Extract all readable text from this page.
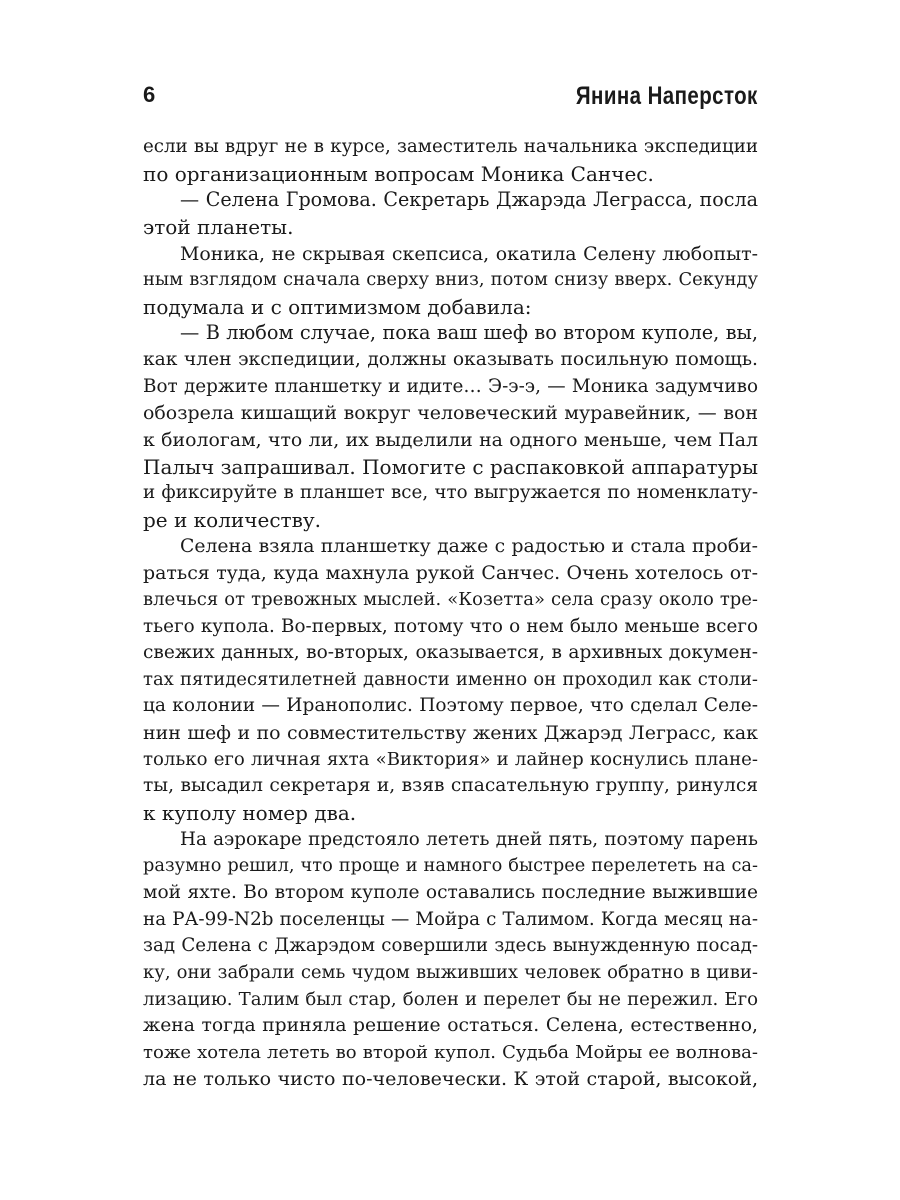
6	Янина Наперсток
если вы вдруг не в курсе, заместитель начальника экспедиции
по организационным вопросам Моника Санчес.
— Селена Громова. Секретарь Джарэда Леграсса, посла
этой планеты.
Моника, не скрывая скепсиса, окатила Селену любопыт-
ным взглядом сначала сверху вниз, потом снизу вверх. Секунду
подумала и с оптимизмом добавила:
— В любом случае, пока ваш шеф во втором куполе, вы,
как член экспедиции, должны оказывать посильную помощь.
Вот держите планшетку и идите… Э-э-э, — Моника задумчиво
обозрела кишащий вокруг человеческий муравейник, — вон
к биологам, что ли, их выделили на одного меньше, чем Пал
Палыч запрашивал. Помогите с распаковкой аппаратуры
и фиксируйте в планшет все, что выгружается по номенклату-
ре и количеству.
Селена взяла планшетку даже с радостью и стала проби-
раться туда, куда махнула рукой Санчес. Очень хотелось от-
влечься от тревожных мыслей. «Козетта» села сразу около тре-
тьего купола. Во-первых, потому что о нем было меньше всего
свежих данных, во-вторых, оказывается, в архивных докумен-
тах пятидесятилетней давности именно он проходил как столи-
ца колонии — Иранополис. Поэтому первое, что сделал Селе-
нин шеф и по совместительству жених Джарэд Леграсс, как
только его личная яхта «Виктория» и лайнер коснулись плане-
ты, высадил секретаря и, взяв спасательную группу, ринулся
к куполу номер два.
На аэрокаре предстояло лететь дней пять, поэтому парень
разумно решил, что проще и намного быстрее перелететь на са-
мой яхте. Во втором куполе оставались последние выжившие
на РА-99-N2b поселенцы — Мойра с Талимом. Когда месяц на-
зад Селена с Джарэдом совершили здесь вынужденную посад-
ку, они забрали семь чудом выживших человек обратно в циви-
лизацию. Талим был стар, болен и перелет бы не пережил. Его
жена тогда приняла решение остаться. Селена, естественно,
тоже хотела лететь во второй купол. Судьба Мойры ее волнова-
ла не только чисто по-человечески. К этой старой, высокой,
